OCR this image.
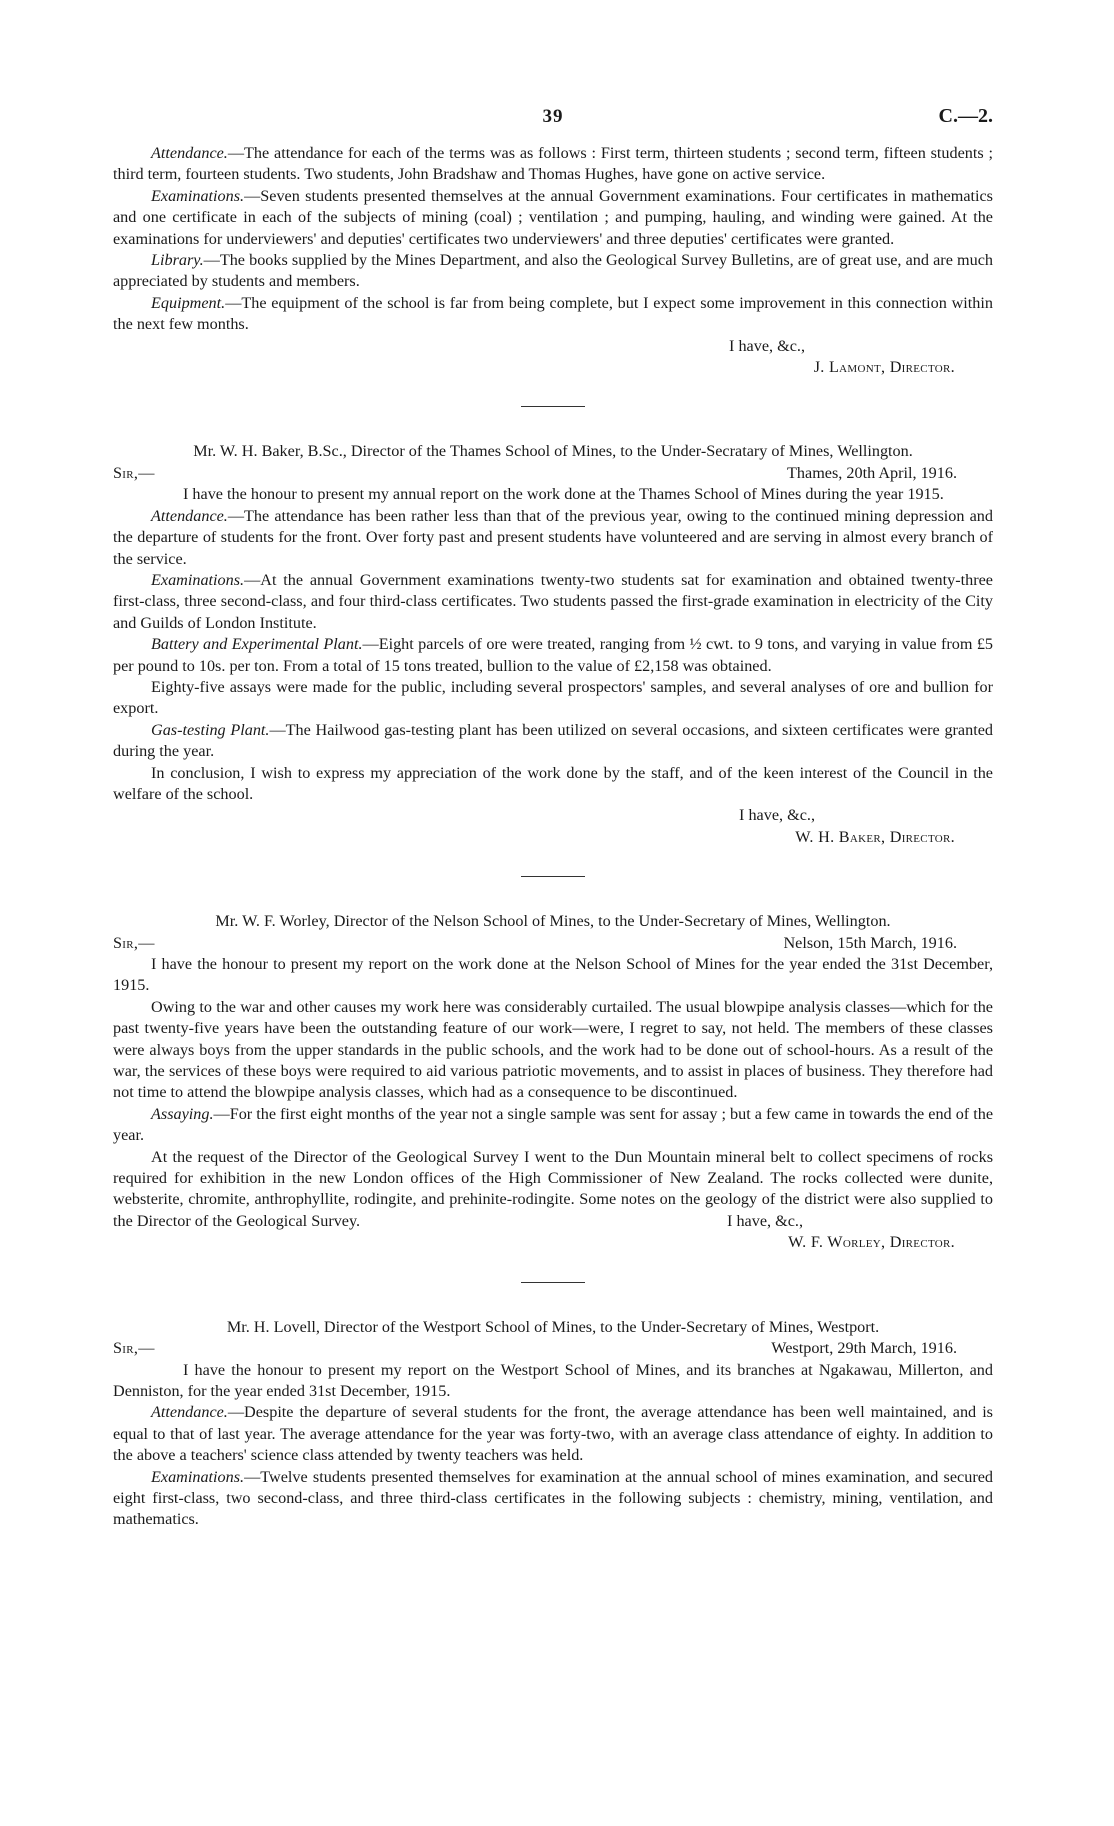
39	C.—2.

Attendance.—The attendance for each of the terms was as follows : First term, thirteen students ; second term, fifteen students ; third term, fourteen students. Two students, John Bradshaw and Thomas Hughes, have gone on active service.

Examinations.—Seven students presented themselves at the annual Government examinations. Four certificates in mathematics and one certificate in each of the subjects of mining (coal) ; ventilation ; and pumping, hauling, and winding were gained. At the examinations for underviewers' and deputies' certificates two underviewers' and three deputies' certificates were granted.

Library.—The books supplied by the Mines Department, and also the Geological Survey Bulletins, are of great use, and are much appreciated by students and members.

Equipment.—The equipment of the school is far from being complete, but I expect some improvement in this connection within the next few months.

I have, &c.,

J. Lamont, Director.

Mr. W. H. Baker, B.Sc., Director of the Thames School of Mines, to the Under-Secratary of Mines, Wellington.

Sir,—	Thames, 20th April, 1916.

I have the honour to present my annual report on the work done at the Thames School of Mines during the year 1915.

Attendance.—The attendance has been rather less than that of the previous year, owing to the continued mining depression and the departure of students for the front. Over forty past and present students have volunteered and are serving in almost every branch of the service.

Examinations.—At the annual Government examinations twenty-two students sat for examination and obtained twenty-three first-class, three second-class, and four third-class certificates. Two students passed the first-grade examination in electricity of the City and Guilds of London Institute.

Battery and Experimental Plant.—Eight parcels of ore were treated, ranging from ½ cwt. to 9 tons, and varying in value from £5 per pound to 10s. per ton. From a total of 15 tons treated, bullion to the value of £2,158 was obtained.

Eighty-five assays were made for the public, including several prospectors' samples, and several analyses of ore and bullion for export.

Gas-testing Plant.—The Hailwood gas-testing plant has been utilized on several occasions, and sixteen certificates were granted during the year.

In conclusion, I wish to express my appreciation of the work done by the staff, and of the keen interest of the Council in the welfare of the school.

I have, &c.,

W. H. Baker, Director.

Mr. W. F. Worley, Director of the Nelson School of Mines, to the Under-Secretary of Mines, Wellington.

Sir,—	Nelson, 15th March, 1916.

I have the honour to present my report on the work done at the Nelson School of Mines for the year ended the 31st December, 1915.

Owing to the war and other causes my work here was considerably curtailed. The usual blowpipe analysis classes—which for the past twenty-five years have been the outstanding feature of our work—were, I regret to say, not held. The members of these classes were always boys from the upper standards in the public schools, and the work had to be done out of school-hours. As a result of the war, the services of these boys were required to aid various patriotic movements, and to assist in places of business. They therefore had not time to attend the blowpipe analysis classes, which had as a consequence to be discontinued.

Assaying.—For the first eight months of the year not a single sample was sent for assay ; but a few came in towards the end of the year.

At the request of the Director of the Geological Survey I went to the Dun Mountain mineral belt to collect specimens of rocks required for exhibition in the new London offices of the High Commissioner of New Zealand. The rocks collected were dunite, websterite, chromite, anthrophyllite, rodingite, and prehinite-rodingite. Some notes on the geology of the district were also supplied to the Director of the Geological Survey.	I have, &c.,

W. F. Worley, Director.

Mr. H. Lovell, Director of the Westport School of Mines, to the Under-Secretary of Mines, Westport.

Sir,—	Westport, 29th March, 1916.

I have the honour to present my report on the Westport School of Mines, and its branches at Ngakawau, Millerton, and Denniston, for the year ended 31st December, 1915.

Attendance.—Despite the departure of several students for the front, the average attendance has been well maintained, and is equal to that of last year. The average attendance for the year was forty-two, with an average class attendance of eighty. In addition to the above a teachers' science class attended by twenty teachers was held.

Examinations.—Twelve students presented themselves for examination at the annual school of mines examination, and secured eight first-class, two second-class, and three third-class certificates in the following subjects : chemistry, mining, ventilation, and mathematics.
